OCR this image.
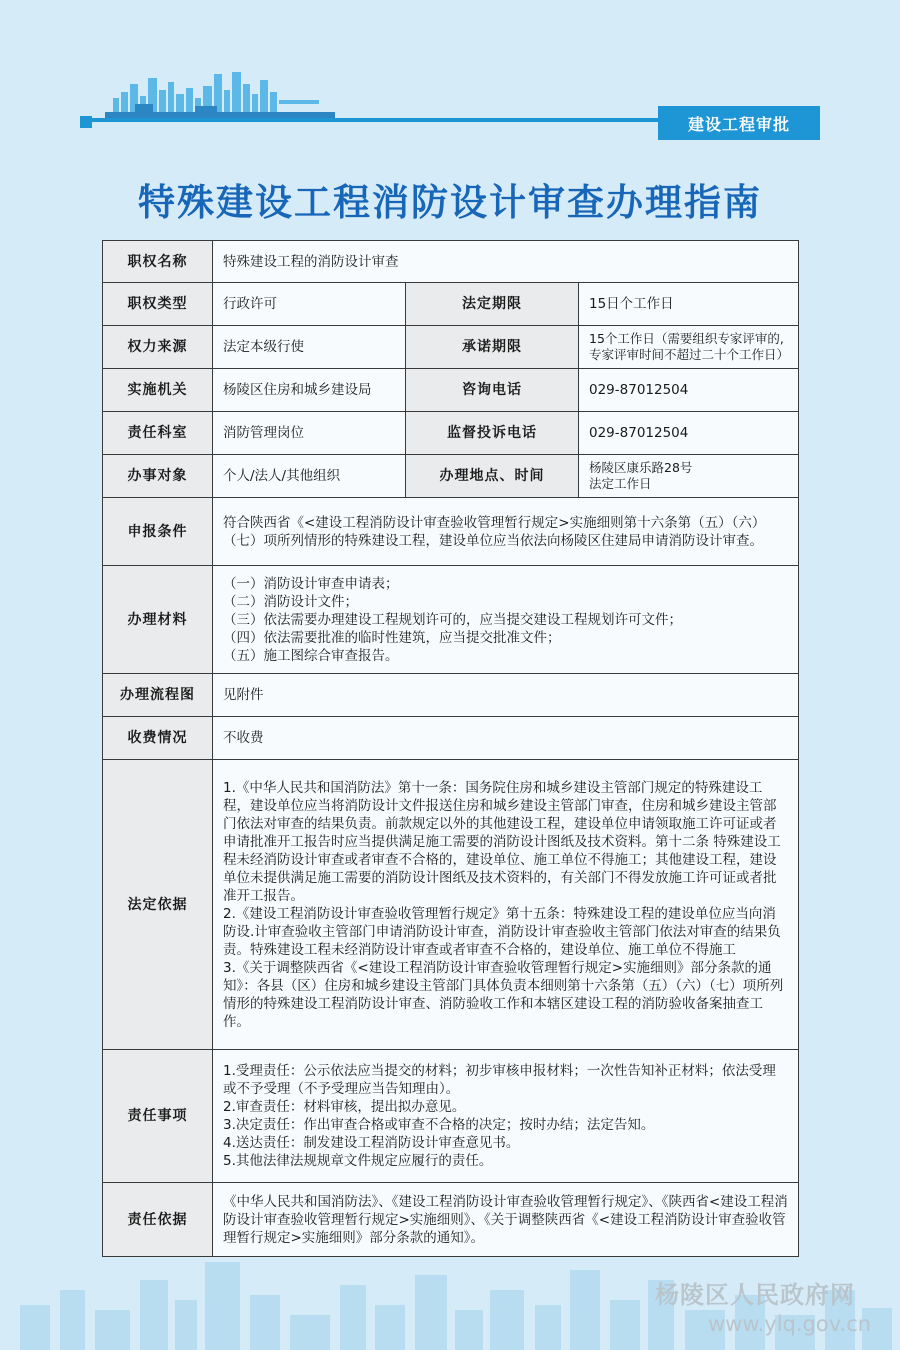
建设工程审批
特殊建设工程消防设计审查办理指南
职权名称	特殊建设工程的消防设计审查		
职权类型	行政许可	法定期限	15日个工作日
权力来源	法定本级行使	承诺期限	15个工作日（需要组织专家评审的,
专家评审时间不超过二十个工作日）

实施机关	杨陵区住房和城乡建设局	咨询电话	029-87012504
责任科室	消防管理岗位	监督投诉电话	029-87012504
办事对象	个人/法人/其他组织	办理地点、时间	杨陵区康乐路28号
法定工作日

申报条件	符合陕西省《<建设工程消防设计审查验收管理暂行规定>实施细则第十六条第（五）（六）（七）项所列情形的特殊建设工程，建设单位应当依法向杨陵区住建局申请消防设计审查。		
办理材料	（一）消防设计审查申请表；
（二）消防设计文件；
（三）依法需要办理建设工程规划许可的，应当提交建设工程规划许可文件；
（四）依法需要批准的临时性建筑，应当提交批准文件；
（五）施工图综合审查报告。		

办理流程图	见附件		
收费情况	不收费		
法定依据	1.《中华人民共和国消防法》第十一条：国务院住房和城乡建设主管部门规定的特殊建设工程，建设单位应当将消防设计文件报送住房和城乡建设主管部门审查，住房和城乡建设主管部门依法对审查的结果负责。前款规定以外的其他建设工程，建设单位申请领取施工许可证或者申请批准开工报告时应当提供满足施工需要的消防设计图纸及技术资料。第十二条 特殊建设工程未经消防设计审查或者审查不合格的，建设单位、施工单位不得施工；其他建设工程，建设单位未提供满足施工需要的消防设计图纸及技术资料的，有关部门不得发放施工许可证或者批准开工报告。
2.《建设工程消防设计审查验收管理暂行规定》第十五条：特殊建设工程的建设单位应当向消防设.计审查验收主管部门申请消防设计审查，消防设计审查验收主管部门依法对审查的结果负责。特殊建设工程未经消防设计审查或者审查不合格的，建设单位、施工单位不得施工
3.《关于调整陕西省《<建设工程消防设计审查验收管理暂行规定>实施细则》部分条款的通知》：各县（区）住房和城乡建设主管部门具体负责本细则第十六条第（五）（六）（七）项所列情形的特殊建设工程消防设计审查、消防验收工作和本辖区建设工程的消防验收备案抽查工作。		

责任事项	1.受理责任：公示依法应当提交的材料；初步审核申报材料；一次性告知补正材料；依法受理或不予受理（不予受理应当告知理由）。
2.审查责任：材料审核，提出拟办意见。
3.决定责任：作出审查合格或审查不合格的决定；按时办结；法定告知。
4.送达责任：制发建设工程消防设计审查意见书。
5.其他法律法规规章文件规定应履行的责任。		

责任依据	《中华人民共和国消防法》、《建设工程消防设计审查验收管理暂行规定》、《陕西省<建设工程消防设计审查验收管理暂行规定>实施细则》、《关于调整陕西省《<建设工程消防设计审查验收管理暂行规定>实施细则》部分条款的通知》。		
杨陵区人民政府网
www.ylq.gov.cn
